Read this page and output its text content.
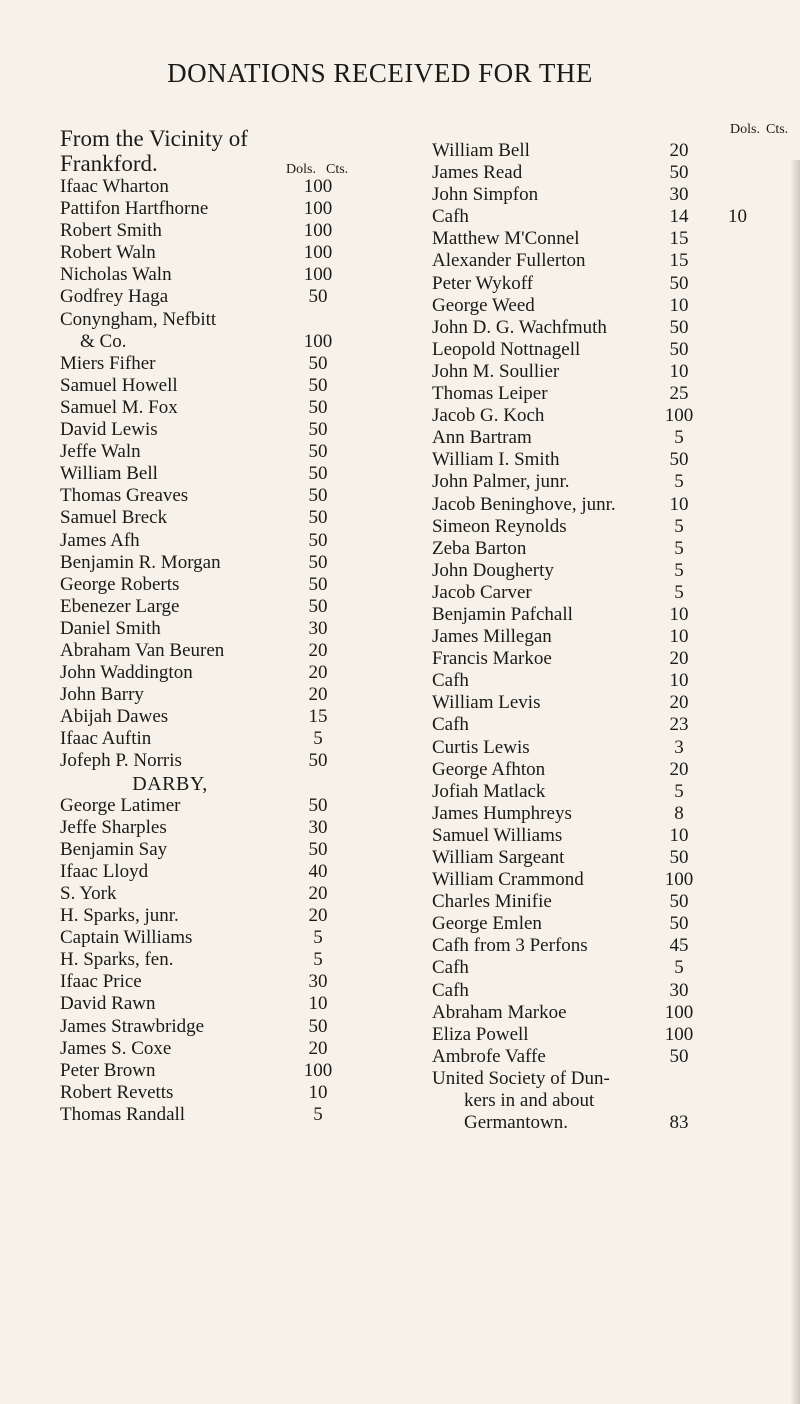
DONATIONS RECEIVED FOR THE
From the Vicinity of Frankford.	Dols. Cts.
Ifaac Wharton	100
Pattifon Hartfhorne	100
Robert Smith	100
Robert Waln	100
Nicholas Waln	100
Godfrey Haga	50
Conyngham, Nefbitt
& Co.	100
Miers Fifher	50
Samuel Howell	50
Samuel M. Fox	50
David Lewis	50
Jeffe Waln	50
William Bell	50
Thomas Greaves	50
Samuel Breck	50
James Afh	50
Benjamin R. Morgan	50
George Roberts	50
Ebenezer Large	50
Daniel Smith	30
Abraham Van Beuren	20
John Waddington	20
John Barry	20
Abijah Dawes	15
Ifaac Auftin	5
Jofeph P. Norris	50
DARBY,
George Latimer	50
Jeffe Sharples	30
Benjamin Say	50
Ifaac Lloyd	40
S. York	20
H. Sparks, junr.	20
Captain Williams	5
H. Sparks, fen.	5
Ifaac Price	30
David Rawn	10
James Strawbridge	50
James S. Coxe	20
Peter Brown	100
Robert Revetts	10
Thomas Randall	5
Dols. Cts.
William Bell	20
James Read	50
John Simpfon	30
Cafh	14	10
Matthew M'Connel	15
Alexander Fullerton	15
Peter Wykoff	50
George Weed	10
John D. G. Wachfmuth	50
Leopold Nottnagell	50
John M. Soullier	10
Thomas Leiper	25
Jacob G. Koch	100
Ann Bartram	5
William I. Smith	50
John Palmer, junr.	5
Jacob Beninghove, junr.	10
Simeon Reynolds	5
Zeba Barton	5
John Dougherty	5
Jacob Carver	5
Benjamin Pafchall	10
James Millegan	10
Francis Markoe	20
Cafh	10
William Levis	20
Cafh	23
Curtis Lewis	3
George Afhton	20
Jofiah Matlack	5
James Humphreys	8
Samuel Williams	10
William Sargeant	50
William Crammond	100
Charles Minifie	50
George Emlen	50
Cafh from 3 Perfons	45
Cafh	5
Cafh	30
Abraham Markoe	100
Eliza Powell	100
Ambrofe Vaffe	50
United Society of Dun-
kers in and about
Germantown.	83
